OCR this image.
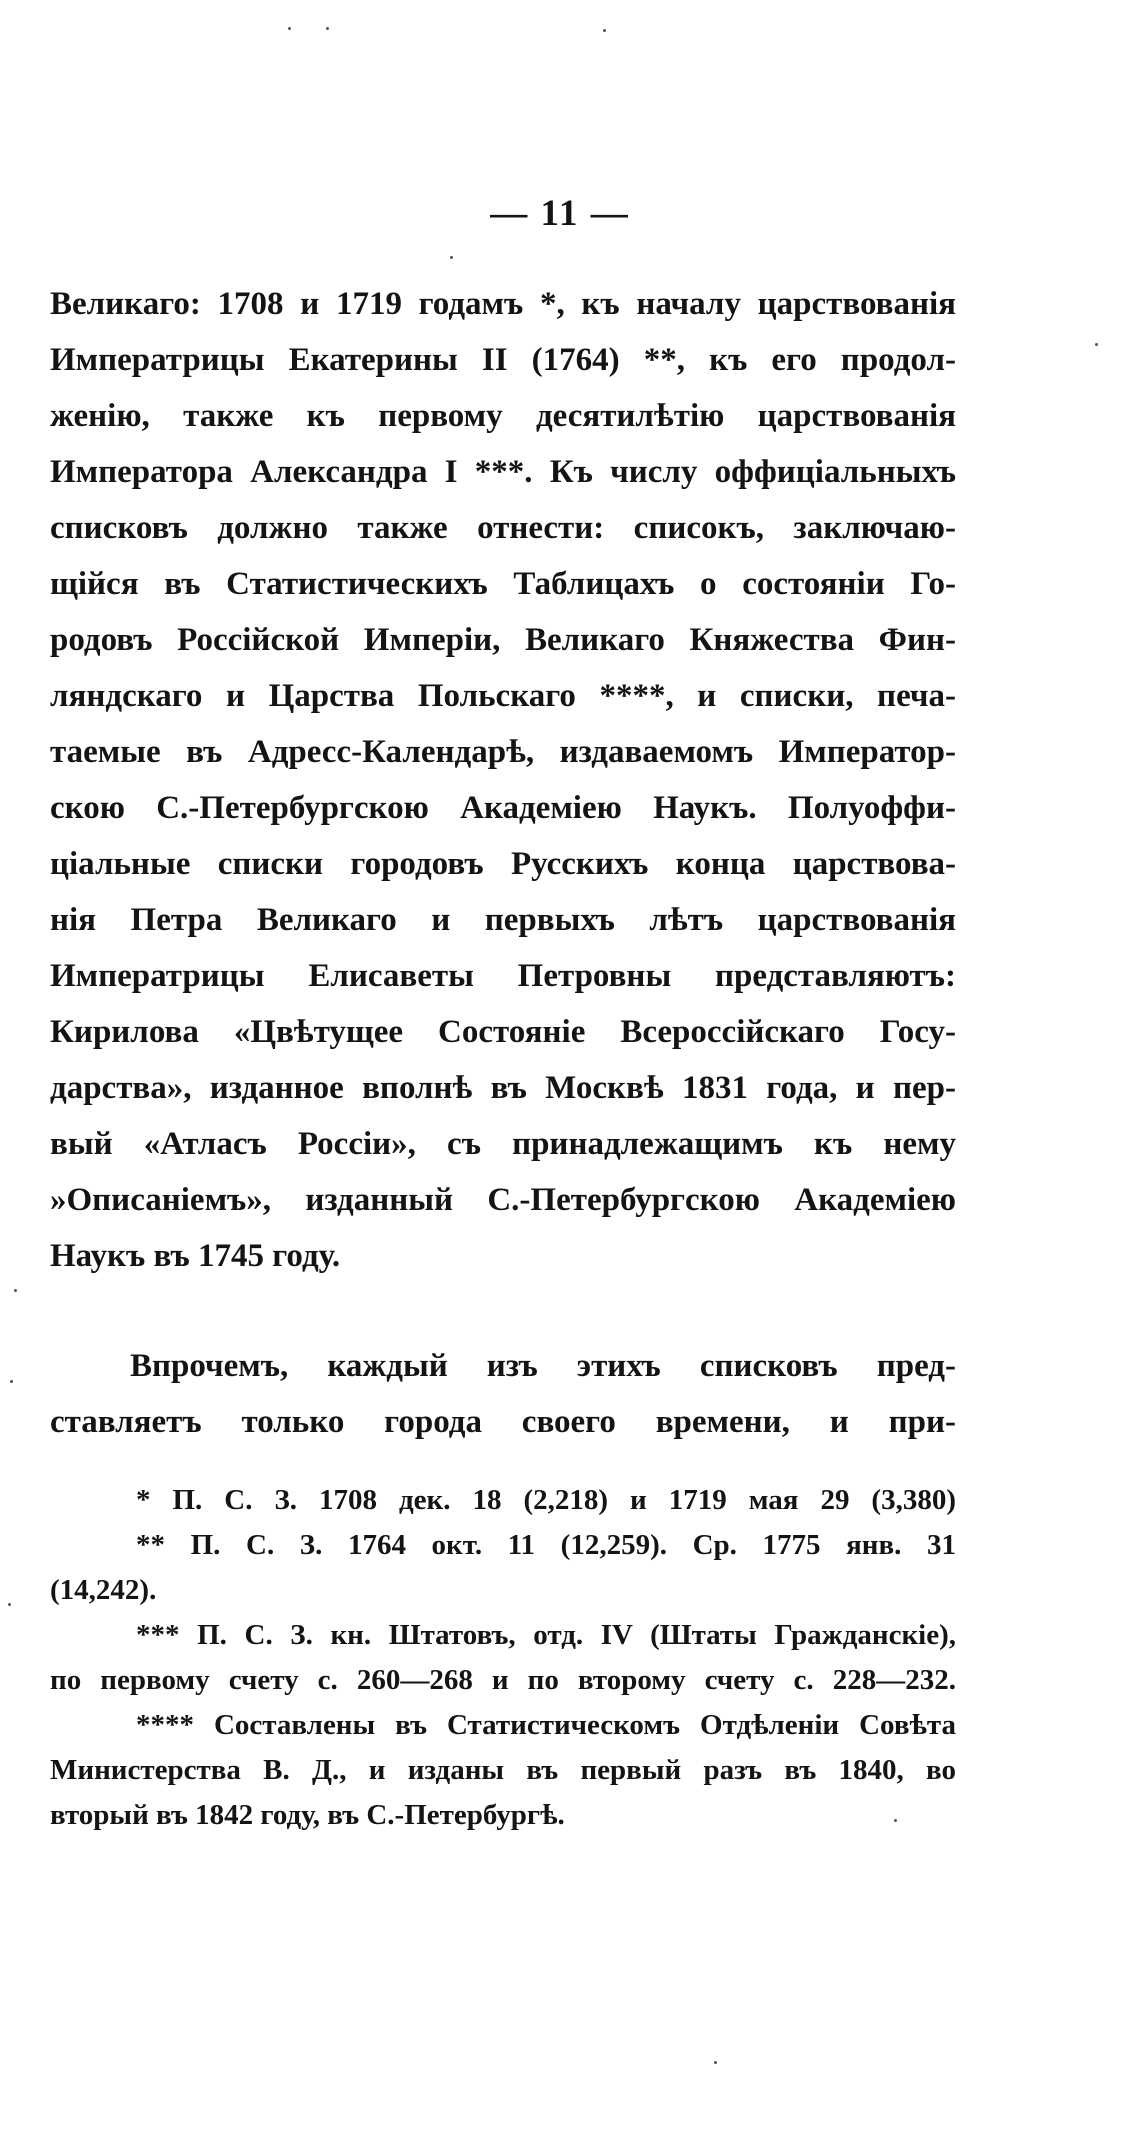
— 11 —
Великаго: 1708 и 1719 годамъ *, къ началу царствованія
Императрицы Екатерины II (1764) **, къ его продол-
женію, также къ первому десятилѣтію царствованія
Императора Александра I ***. Къ числу оффиціальныхъ
списковъ должно также отнести: списокъ, заключаю-
щійся въ Статистическихъ Таблицахъ о состояніи Го-
родовъ Россійской Имперіи, Великаго Княжества Фин-
ляндскаго и Царства Польскаго ****, и списки, печа-
таемые въ Адресс-Календарѣ, издаваемомъ Император-
скою С.-Петербургскою Академіею Наукъ. Полуоффи-
ціальные списки городовъ Русскихъ конца царствова-
нія Петра Великаго и первыхъ лѣтъ царствованія
Императрицы Елисаветы Петровны представляютъ:
Кирилова «Цвѣтущее Состояніе Всероссійскаго Госу-
дарства», изданное вполнѣ въ Москвѣ 1831 года, и пер-
вый «Атласъ Россіи», съ принадлежащимъ къ нему
»Описаніемъ», изданный С.-Петербургскою Академіею
Наукъ въ 1745 году.
Впрочемъ, каждый изъ этихъ списковъ пред-
ставляетъ только города своего времени, и при-
* П. С. З. 1708 дек. 18 (2,218) и 1719 мая 29 (3,380)
** П. С. З. 1764 окт. 11 (12,259). Ср. 1775 янв. 31
(14,242).
*** П. С. З. кн. Штатовъ, отд. IV (Штаты Гражданскіе),
по первому счету с. 260—268 и по второму счету с. 228—232.
**** Составлены въ Статистическомъ Отдѣленіи Совѣта
Министерства В. Д., и изданы въ первый разъ въ 1840, во
вторый въ 1842 году, въ С.-Петербургѣ.
